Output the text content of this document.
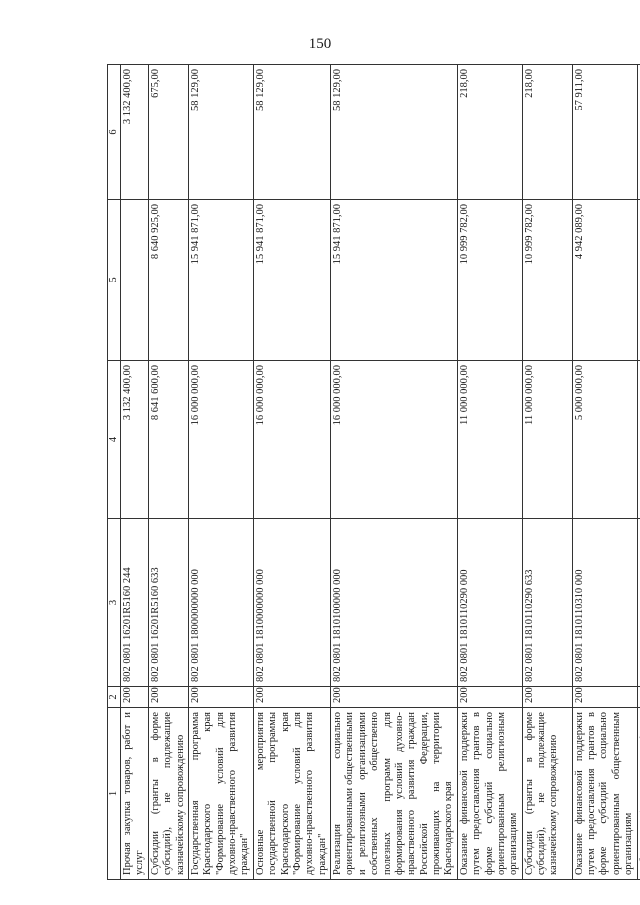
150
1	2	3	4	5	6
Прочая закупка товаров, работ и услуг	200	802 0801 16201R5160 244	3 132 400,00		3 132 400,00
Субсидии (гранты в форме субсидий), не подлежащие казначейскому сопровождению	200	802 0801 16201R5160 633	8 641 600,00	8 640 925,00	675,00
Государственная программа Краснодарского края "Формирование условий для духовно-нравственного развития граждан"	200	802 0801 1800000000 000	16 000 000,00	15 941 871,00	58 129,00
Основные мероприятия государственной программы Краснодарского края "Формирование условий для духовно-нравственного развития граждан"	200	802 0801 1810000000 000	16 000 000,00	15 941 871,00	58 129,00
Реализация социально ориентированными общественными и религиозными организациями собственных общественно полезных программ для формирования условий духовно-нравственного развития граждан Российской Федерации, проживающих на территории Краснодарского края	200	802 0801 1810100000 000	16 000 000,00	15 941 871,00	58 129,00
Оказание финансовой поддержки путем предоставления грантов в форме субсидий социально ориентированным религиозным организациям	200	802 0801 1810110290 000	11 000 000,00	10 999 782,00	218,00
Субсидии (гранты в форме субсидий), не подлежащие казначейскому сопровождению	200	802 0801 1810110290 633	11 000 000,00	10 999 782,00	218,00
Оказание финансовой поддержки путем предоставления грантов в форме субсидий социально ориентированным общественным организациям	200	802 0801 1810110310 000	5 000 000,00	4 942 089,00	57 911,00
